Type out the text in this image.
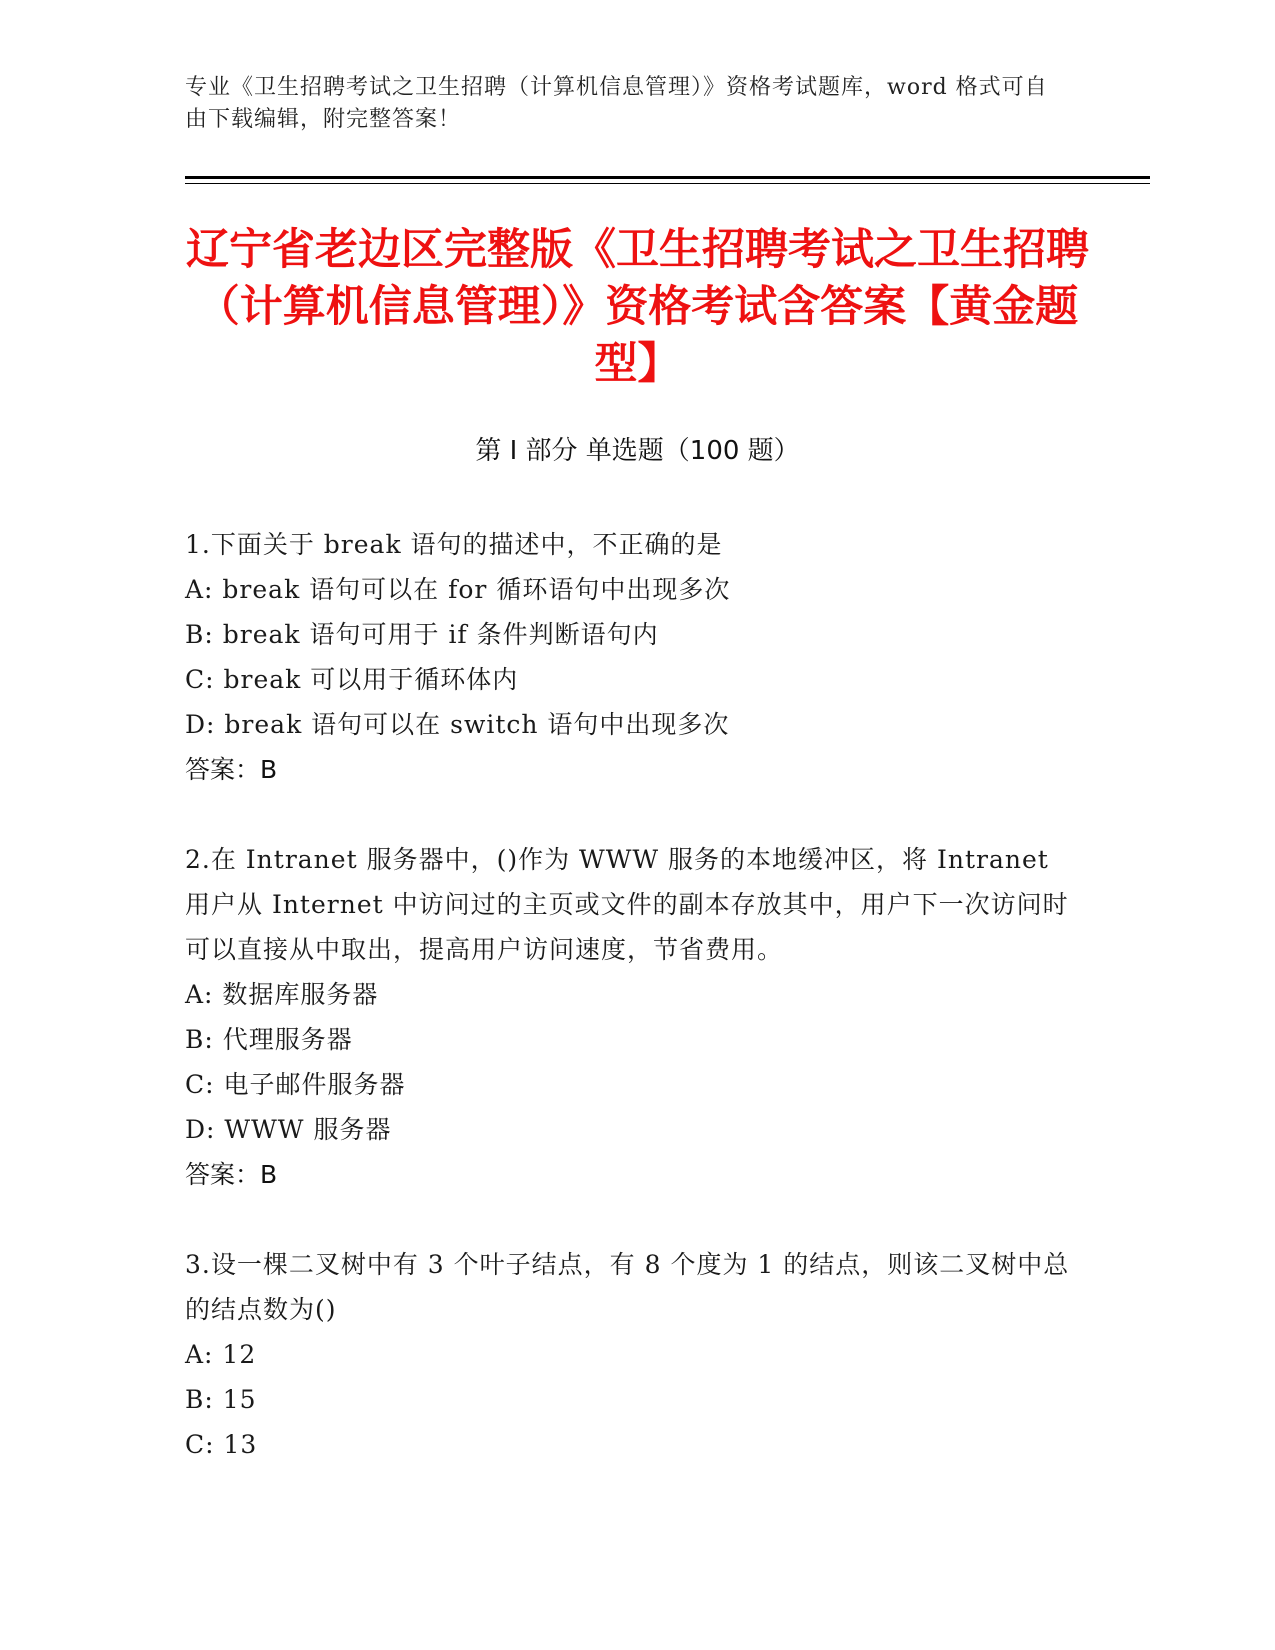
专业《卫生招聘考试之卫生招聘（计算机信息管理）》资格考试题库，word 格式可自由下载编辑，附完整答案！
辽宁省老边区完整版《卫生招聘考试之卫生招聘（计算机信息管理）》资格考试含答案【黄金题型】
第 I 部分 单选题（100 题）
1.下面关于 break 语句的描述中，不正确的是
A: break 语句可以在 for 循环语句中出现多次
B: break 语句可用于 if 条件判断语句内
C: break 可以用于循环体内
D: break 语句可以在 switch 语句中出现多次
答案：B
2.在 Intranet 服务器中，()作为 WWW 服务的本地缓冲区，将 Intranet 用户从 Internet 中访问过的主页或文件的副本存放其中，用户下一次访问时可以直接从中取出，提高用户访问速度，节省费用。
A: 数据库服务器
B: 代理服务器
C: 电子邮件服务器
D: WWW 服务器
答案：B
3.设一棵二叉树中有 3 个叶子结点，有 8 个度为 1 的结点，则该二叉树中总的结点数为()
A: 12
B: 15
C: 13
